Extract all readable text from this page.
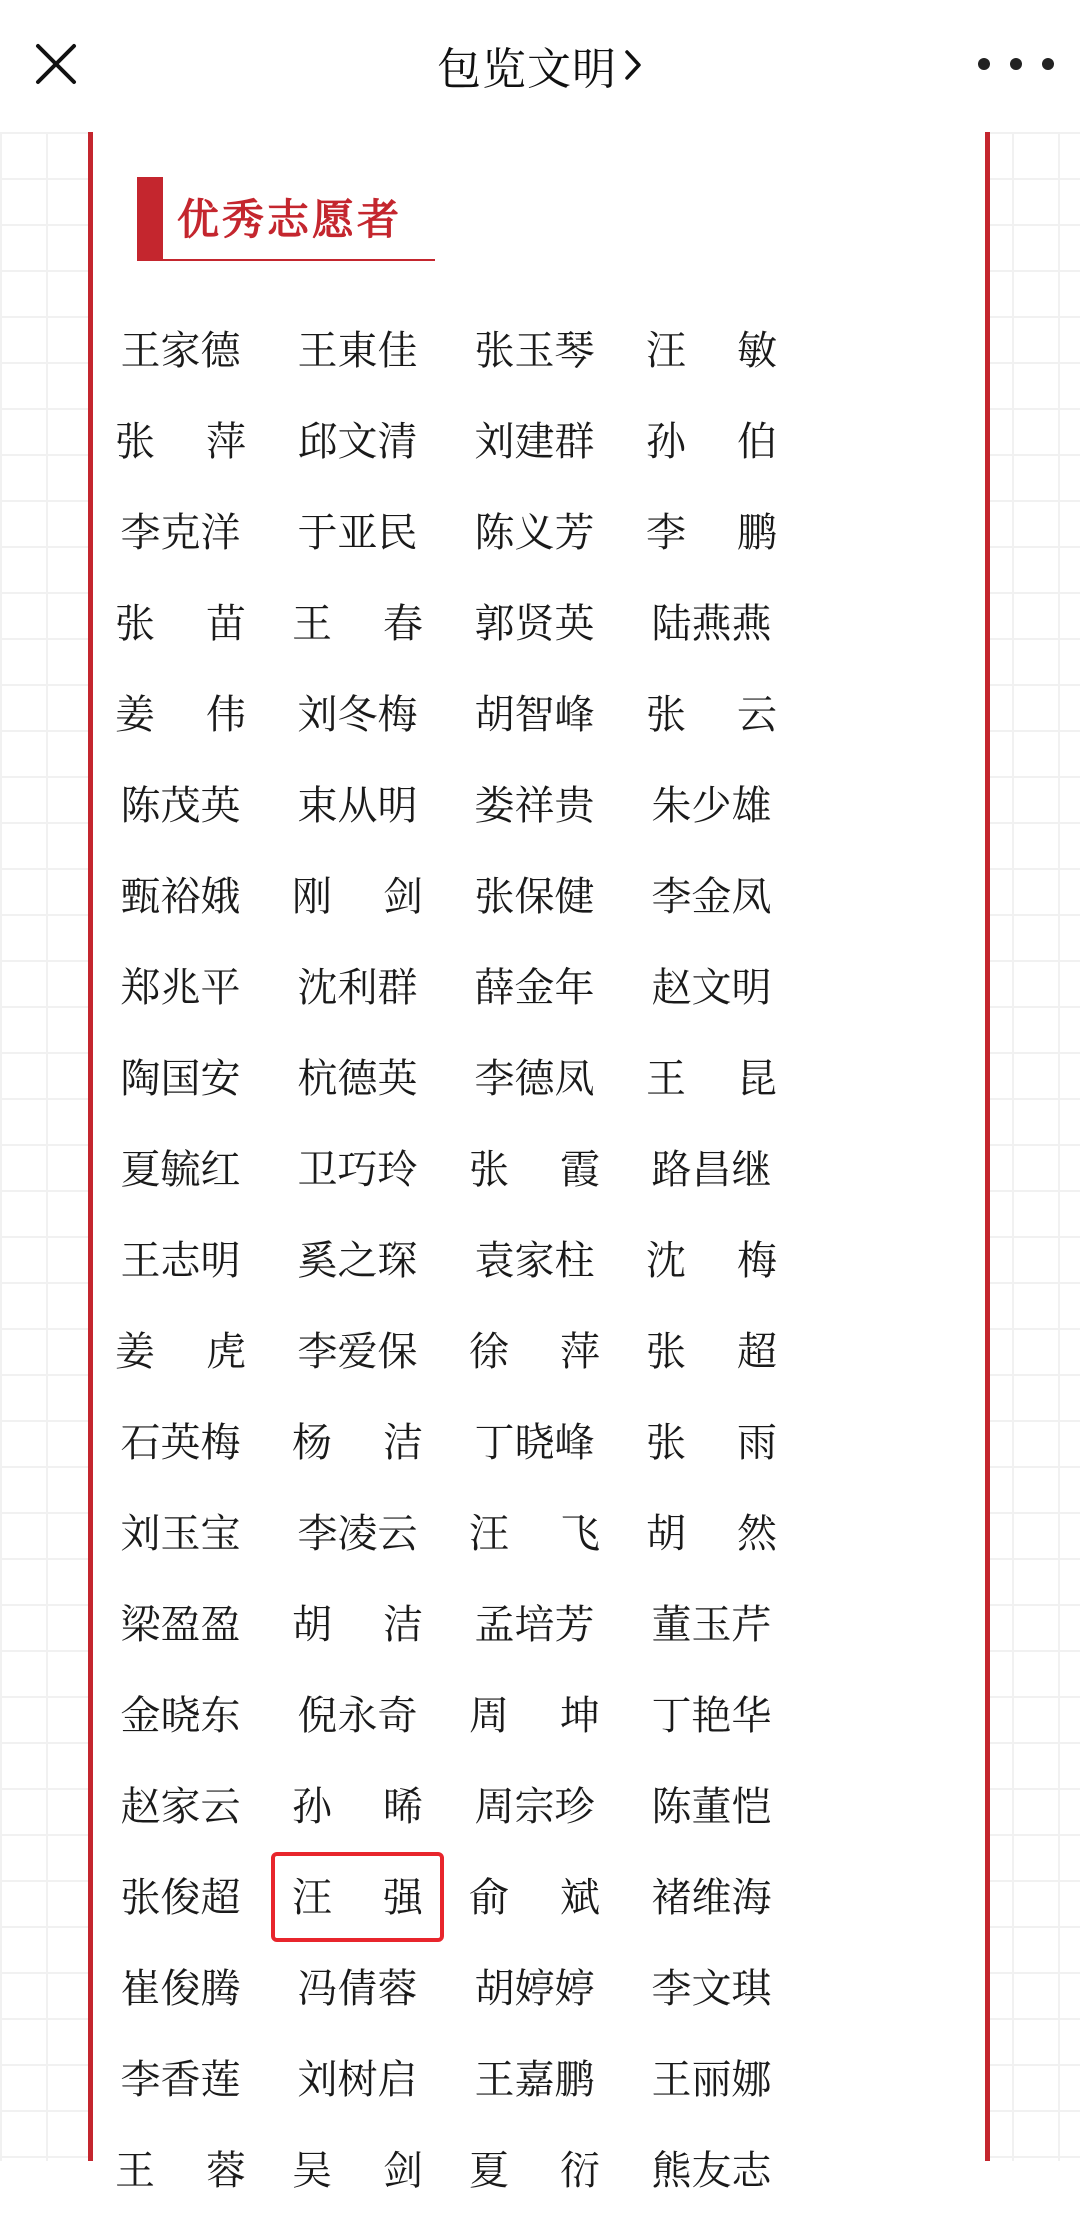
包览文明
优秀志愿者
王家德 王東佳 张玉琴 汪 敏
张 萍 邱文清 刘建群 孙 伯
李克洋 于亚民 陈义芳 李 鹏
张 苗 王 春 郭贤英 陆燕燕
姜 伟 刘冬梅 胡智峰 张 云
陈茂英 束从明 娄祥贵 朱少雄
甄裕娥 刚 剑 张保健 李金凤
郑兆平 沈利群 薛金年 赵文明
陶国安 杭德英 李德凤 王 昆
夏毓红 卫巧玲 张 霞 路昌继
王志明 奚之琛 袁家柱 沈 梅
姜 虎 李爱保 徐 萍 张 超
石英梅 杨 洁 丁晓峰 张 雨
刘玉宝 李凌云 汪 飞 胡 然
梁盈盈 胡 洁 孟培芳 董玉芹
金晓东 倪永奇 周 坤 丁艳华
赵家云 孙 晞 周宗珍 陈董恺
张俊超 汪 强 俞 斌 褚维海
崔俊腾 冯倩蓉 胡婷婷 李文琪
李香莲 刘树启 王嘉鹏 王丽娜
王 蓉 吴 剑 夏 衍 熊友志
